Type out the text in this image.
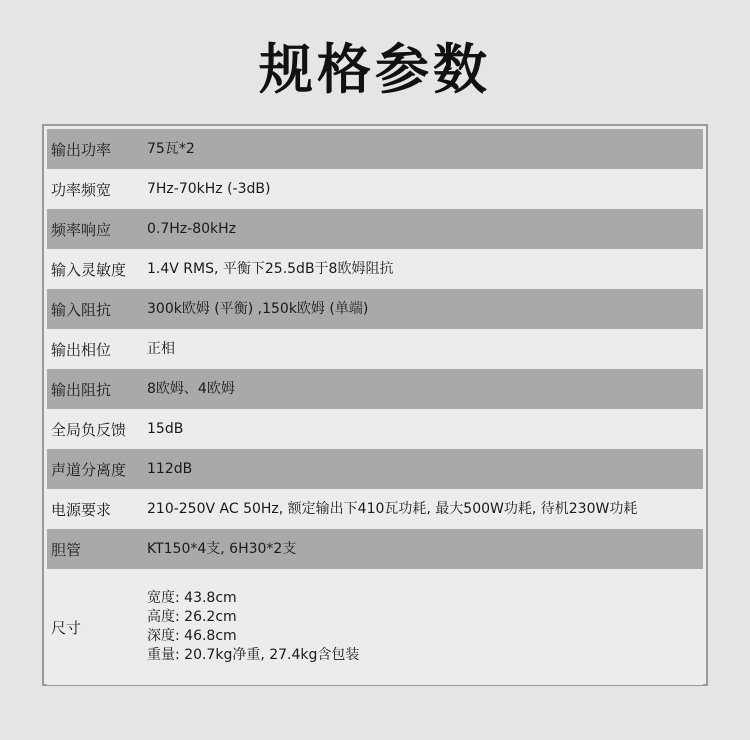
规格参数
输出功率	75瓦*2
功率频宽	7Hz-70kHz (-3dB)
频率响应	0.7Hz-80kHz
输入灵敏度	1.4V RMS, 平衡下25.5dB于8欧姆阻抗
输入阻抗	300k欧姆 (平衡) ,150k欧姆 (单端)
输出相位	正相
输出阻抗	8欧姆、4欧姆
全局负反馈	15dB
声道分离度	112dB
电源要求	210-250V AC 50Hz, 额定输出下410瓦功耗, 最大500W功耗, 待机230W功耗
胆管	KT150*4支, 6H30*2支
尺寸
宽度: 43.8cm
高度: 26.2cm
深度: 46.8cm
重量: 20.7kg净重, 27.4kg含包装
